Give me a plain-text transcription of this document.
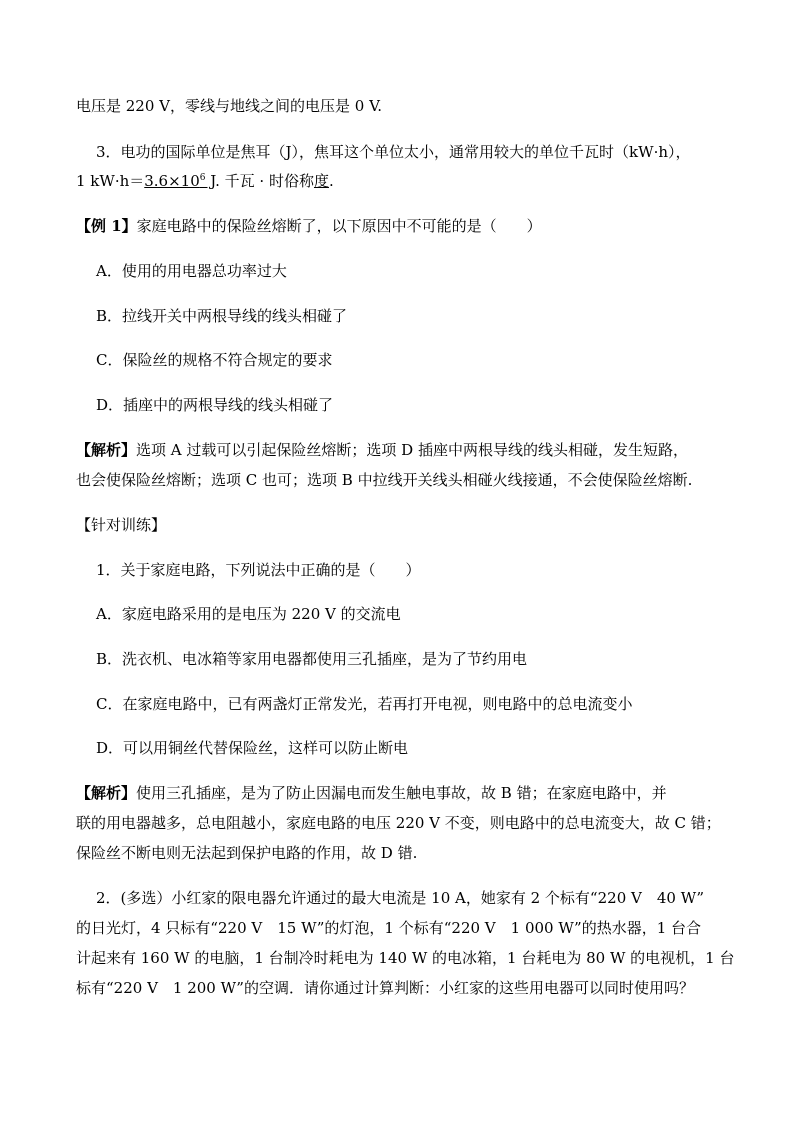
电压是 220 V，零线与地线之间的电压是 0 V.
3．电功的国际单位是焦耳（J），焦耳这个单位太小，通常用较大的单位千瓦时（kW·h），
1 $kW\cdot h=3.6\times 10^6$ J. 千瓦 · 时俗称度.
【例 1】家庭电路中的保险丝熔断了，以下原因中不可能的是（　　）
A．使用的用电器总功率过大
B．拉线开关中两根导线的线头相碰了
C．保险丝的规格不符合规定的要求
D．插座中的两根导线的线头相碰了
【解析】选项 A 过载可以引起保险丝熔断；选项 D 插座中两根导线的线头相碰，发生短路，
也会使保险丝熔断；选项 C 也可；选项 B 中拉线开关线头相碰火线接通，不会使保险丝熔断.
【针对训练】
1．关于家庭电路，下列说法中正确的是（　　）
A．家庭电路采用的是电压为 220 V 的交流电
B．洗衣机、电冰箱等家用电器都使用三孔插座，是为了节约用电
C．在家庭电路中，已有两盏灯正常发光，若再打开电视，则电路中的总电流变小
D．可以用铜丝代替保险丝，这样可以防止断电
【解析】使用三孔插座，是为了防止因漏电而发生触电事故，故 B 错；在家庭电路中，并
联的用电器越多，总电阻越小，家庭电路的电压 220 V 不变，则电路中的总电流变大，故 C 错；
保险丝不断电则无法起到保护电路的作用，故 D 错.
2．(多选）小红家的限电器允许通过的最大电流是 10 A，她家有 2 个标有“220 V　40 W”
的日光灯，4 只标有“220 V　15 W”的灯泡，1 个标有“220 V　1 000 W”的热水器，1 台合
计起来有 160 W 的电脑，1 台制冷时耗电为 140 W 的电冰箱，1 台耗电为 80 W 的电视机，1 台
标有“220 V　1 200 W”的空调．请你通过计算判断：小红家的这些用电器可以同时使用吗？
